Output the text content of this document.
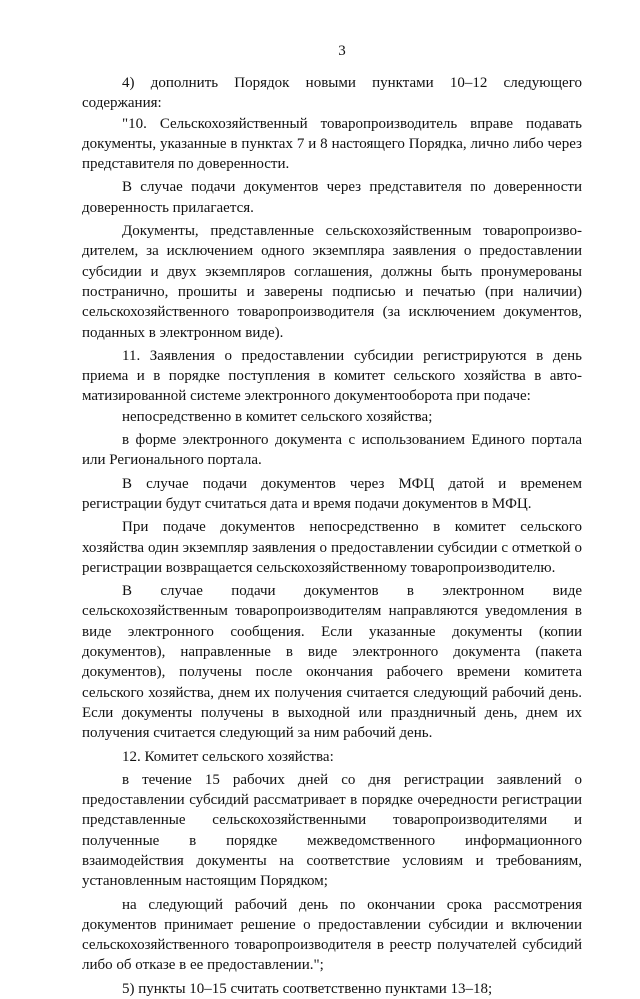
3

4) дополнить Порядок новыми пунктами 10–12 следующего содержания:

"10. Сельскохозяйственный товаропроизводитель вправе подавать документы, указанные в пунктах 7 и 8 настоящего Порядка, лично либо через представителя по доверенности.

В случае подачи документов через представителя по доверенности доверенность прилагается.

Документы, представленные сельскохозяйственным товаропроизводителем, за исключением одного экземпляра заявления о предоставлении субсидии и двух экземпляров соглашения, должны быть пронумерованы постранично, прошиты и заверены подписью и печатью (при наличии) сельскохозяйственного товаропроизводителя (за исключением документов, поданных в электронном виде).

11. Заявления о предоставлении субсидии регистрируются в день приема и в порядке поступления в комитет сельского хозяйства в автоматизированной системе электронного документооборота при подаче:

непосредственно в комитет сельского хозяйства;

в форме электронного документа с использованием Единого портала или Регионального портала.

В случае подачи документов через МФЦ датой и временем регистрации будут считаться дата и время подачи документов в МФЦ.

При подаче документов непосредственно в комитет сельского хозяйства один экземпляр заявления о предоставлении субсидии с отметкой о регистрации возвращается сельскохозяйственному товаропроизводителю.

В случае подачи документов в электронном виде сельскохозяйственным товаропроизводителям направляются уведомления в виде электронного сообщения. Если указанные документы (копии документов), направленные в виде электронного документа (пакета документов), получены после окончания рабочего времени комитета сельского хозяйства, днем их получения считается следующий рабочий день. Если документы получены в выходной или праздничный день, днем их получения считается следующий за ним рабочий день.

12. Комитет сельского хозяйства:

в течение 15 рабочих дней со дня регистрации заявлений о предоставлении субсидий рассматривает в порядке очередности регистрации представленные сельскохозяйственными товаропроизводителями и полученные в порядке межведомственного информационного взаимодействия документы на соответствие условиям и требованиям, установленным настоящим Порядком;

на следующий рабочий день по окончании срока рассмотрения документов принимает решение о предоставлении субсидии и включении сельскохозяйственного товаропроизводителя в реестр получателей субсидий либо об отказе в ее предоставлении.";

5) пункты 10–15 считать соответственно пунктами 13–18;
